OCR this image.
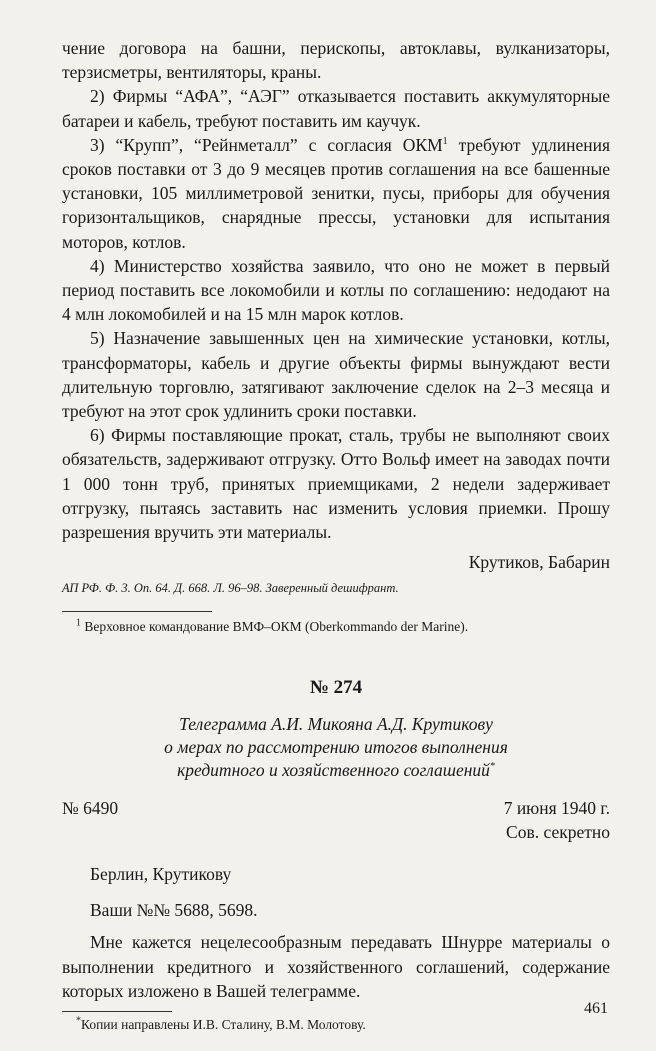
чение договора на башни, перископы, автоклавы, вулканизаторы, терзисметры, вентиляторы, краны.

2) Фирмы “АФА”, “АЭГ” отказывается поставить аккумуляторные батареи и кабель, требуют поставить им каучук.

3) “Крупп”, “Рейнметалл” с согласия ОКМ$^1$ требуют удлинения сроков поставки от 3 до 9 месяцев против соглашения на все башенные установки, 105 миллиметровой зенитки, пусы, приборы для обучения горизонтальщиков, снарядные прессы, установки для испытания моторов, котлов.

4) Министерство хозяйства заявило, что оно не может в первый период поставить все локомобили и котлы по соглашению: недодают на 4 млн локомобилей и на 15 млн марок котлов.

5) Назначение завышенных цен на химические установки, котлы, трансформаторы, кабель и другие объекты фирмы вынуждают вести длительную торговлю, затягивают заключение сделок на 2–3 месяца и требуют на этот срок удлинить сроки поставки.

6) Фирмы поставляющие прокат, сталь, трубы не выполняют своих обязательств, задерживают отгрузку. Отто Вольф имеет на заводах почти 1 000 тонн труб, принятых приемщиками, 2 недели задерживает отгрузку, пытаясь заставить нас изменить условия приемки. Прошу разрешения вручить эти материалы.

Крутиков, Бабарин

АП РФ. Ф. 3. Оп. 64. Д. 668. Л. 96–98. Заверенный дешифрант.

$^1$ Верховное командование ВМФ–ОКМ (Oberkommando der Marine).

№ 274

Телеграмма А.И. Микояна А.Д. Крутикову
о мерах по рассмотрению итогов выполнения
кредитного и хозяйственного соглашений*
№ 6490	7 июня 1940 г.

Сов. секретно

Берлин, Крутикову

Ваши №№ 5688, 5698.

Мне кажется нецелесообразным передавать Шнурре материалы о выполнении кредитного и хозяйственного соглашений, содержание которых изложено в Вашей телеграмме.

*Копии направлены И.В. Сталину, В.М. Молотову.

461
